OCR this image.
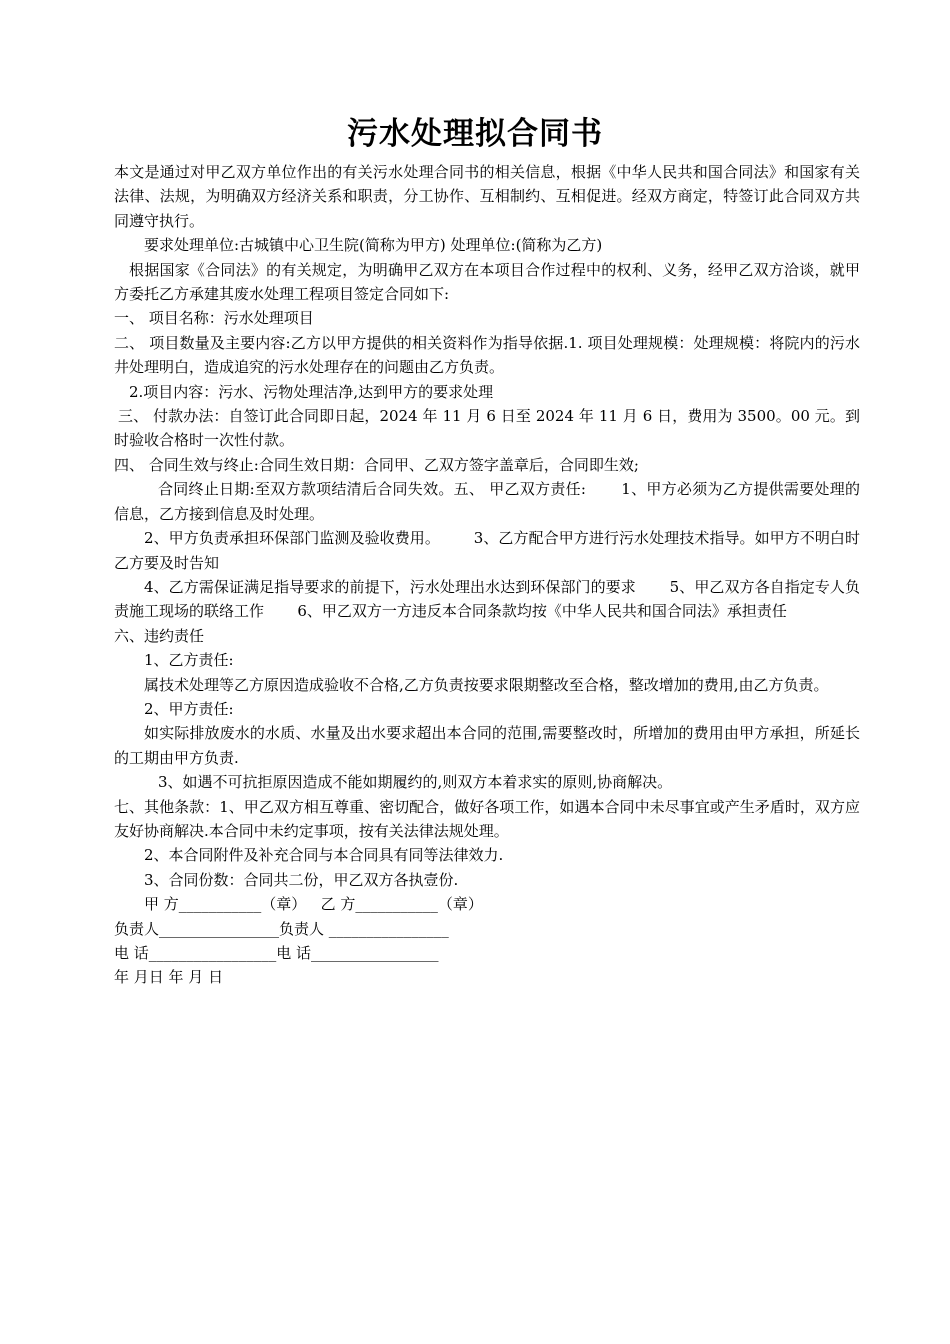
污水处理拟合同书

本文是通过对甲乙双方单位作出的有关污水处理合同书的相关信息，根据《中华人民共和国合同法》和国家有关法律、法规，为明确双方经济关系和职责，分工协作、互相制约、互相促进。经双方商定，特签订此合同双方共同遵守执行。

要求处理单位:古城镇中心卫生院(简称为甲方) 处理单位:(简称为乙方)

根据国家《合同法》的有关规定，为明确甲乙双方在本项目合作过程中的权利、义务，经甲乙双方洽谈，就甲方委托乙方承建其废水处理工程项目签定合同如下:

一、 项目名称：污水处理项目

二、 项目数量及主要内容:乙方以甲方提供的相关资料作为指导依据.1. 项目处理规模：处理规模：将院内的污水井处理明白，造成追究的污水处理存在的问题由乙方负责。

2.项目内容：污水、污物处理洁净,达到甲方的要求处理

三、 付款办法：自签订此合同即日起，2024 年 11 月 6 日至 2024 年 11 月 6 日，费用为 3500。00 元。到时验收合格时一次性付款。

四、 合同生效与终止:合同生效日期：合同甲、乙双方签字盖章后，合同即生效;

合同终止日期:至双方款项结清后合同失效。五、 甲乙双方责任:       1、甲方必须为乙方提供需要处理的信息，乙方接到信息及时处理。

2、甲方负责承担环保部门监测及验收费用。       3、乙方配合甲方进行污水处理技术指导。如甲方不明白时乙方要及时告知

4、乙方需保证满足指导要求的前提下，污水处理出水达到环保部门的要求       5、甲乙双方各自指定专人负责施工现场的联络工作       6、甲乙双方一方违反本合同条款均按《中华人民共和国合同法》承担责任

六、违约责任

1、乙方责任:

属技术处理等乙方原因造成验收不合格,乙方负责按要求限期整改至合格，整改增加的费用,由乙方负责。

2、甲方责任:

如实际排放废水的水质、水量及出水要求超出本合同的范围,需要整改时，所增加的费用由甲方承担，所延长的工期由甲方负责.

3、如遇不可抗拒原因造成不能如期履约的,则双方本着求实的原则,协商解决。

七、其他条款：1、甲乙双方相互尊重、密切配合，做好各项工作，如遇本合同中未尽事宜或产生矛盾时，双方应友好协商解决.本合同中未约定事项，按有关法律法规处理。

2、本合同附件及补充合同与本合同具有同等法律效力.

3、合同份数：合同共二份，甲乙双方各执壹份.

甲 方___________（章）   乙 方___________（章）

负责人________________负责人 ________________

电 话_________________电 话_________________

年 月日 年 月 日
